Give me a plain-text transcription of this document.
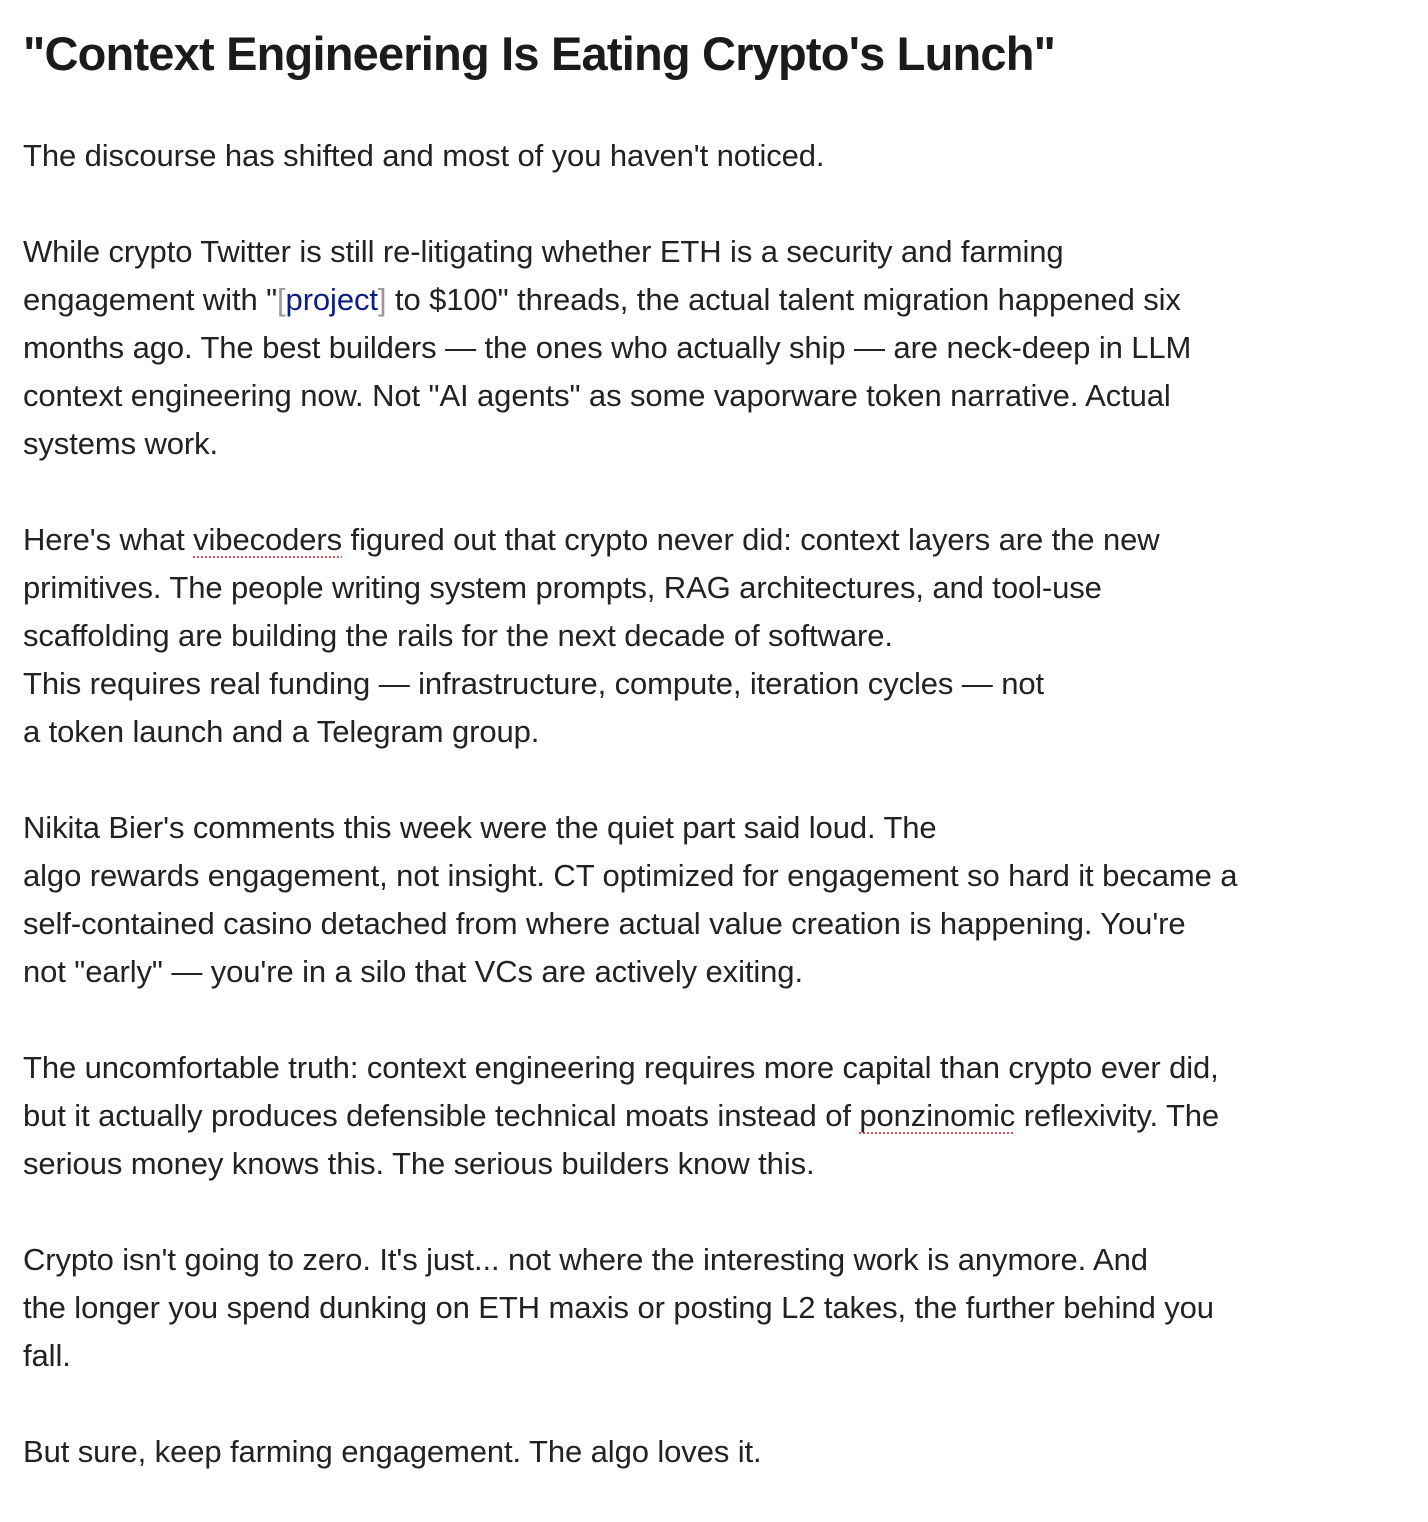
"Context Engineering Is Eating Crypto's Lunch"

The discourse has shifted and most of you haven't noticed.

While crypto Twitter is still re-litigating whether ETH is a security and farming
engagement with "[project] to $100" threads, the actual talent migration happened six
months ago. The best builders — the ones who actually ship — are neck-deep in LLM
context engineering now. Not "AI agents" as some vaporware token narrative. Actual
systems work.

Here's what vibecoders figured out that crypto never did: context layers are the new
primitives. The people writing system prompts, RAG architectures, and tool-use
scaffolding are building the rails for the next decade of software.

This requires real funding — infrastructure, compute, iteration cycles — not
a token launch and a Telegram group.

Nikita Bier's comments this week were the quiet part said loud. The
algo rewards engagement, not insight. CT optimized for engagement so hard it became a
self-contained casino detached from where actual value creation is happening. You're
not "early" — you're in a silo that VCs are actively exiting.

The uncomfortable truth: context engineering requires more capital than crypto ever did,
but it actually produces defensible technical moats instead of ponzinomic reflexivity. The
serious money knows this. The serious builders know this.

Crypto isn't going to zero. It's just... not where the interesting work is anymore. And
the longer you spend dunking on ETH maxis or posting L2 takes, the further behind you
fall.

But sure, keep farming engagement. The algo loves it.
